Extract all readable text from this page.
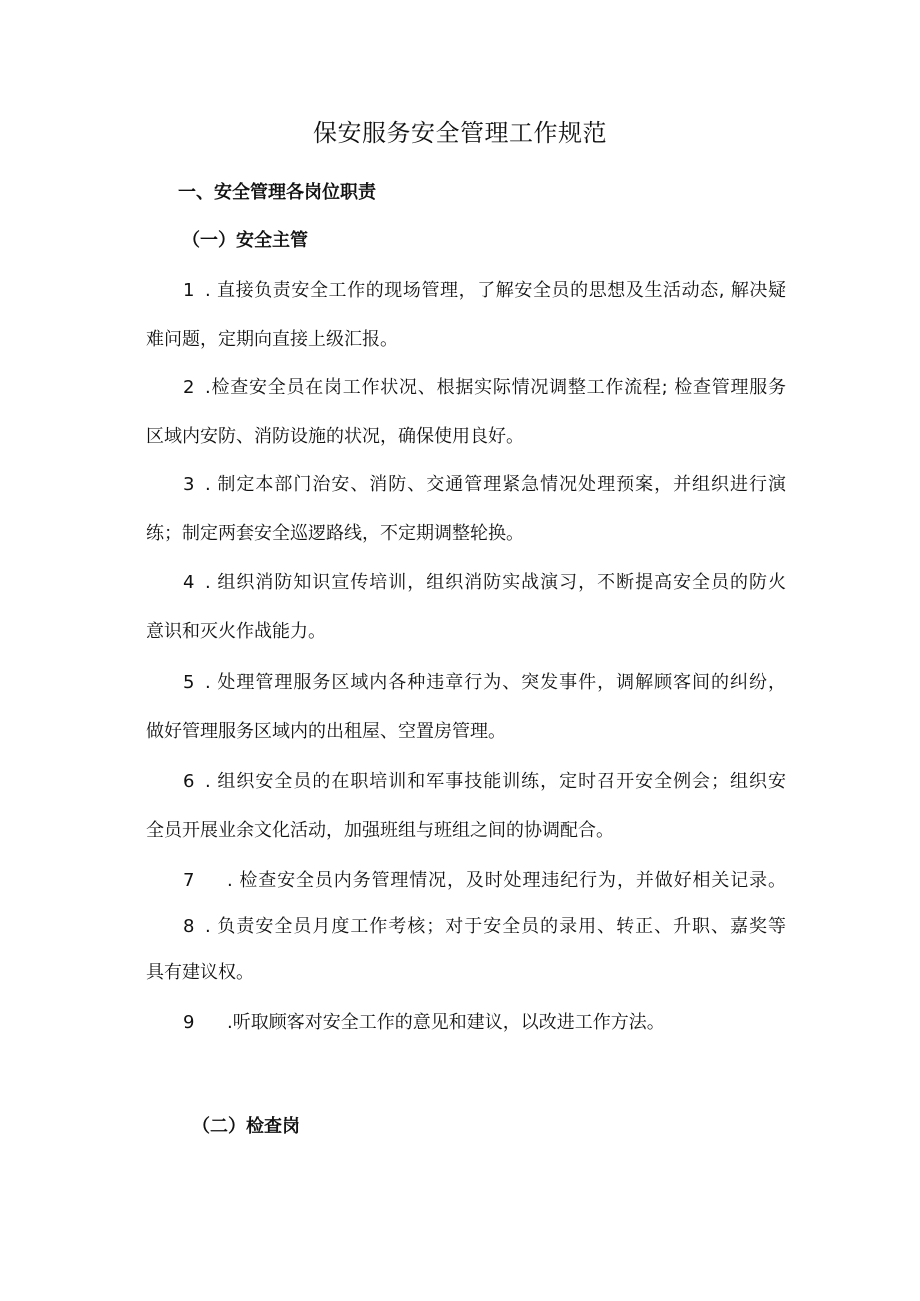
保安服务安全管理工作规范
一、安全管理各岗位职责
（一）安全主管
1 . 直接负责安全工作的现场管理，了解安全员的思想及生活动态, 解决疑
难问题，定期向直接上级汇报。
2 .检查安全员在岗工作状况、根据实际情况调整工作流程; 检查管理服务
区域内安防、消防设施的状况，确保使用良好。
3 . 制定本部门治安、消防、交通管理紧急情况处理预案，并组织进行演
练；制定两套安全巡逻路线，不定期调整轮换。
4 . 组织消防知识宣传培训，组织消防实战演习，不断提高安全员的防火
意识和灭火作战能力。
5 . 处理管理服务区域内各种违章行为、突发事件，调解顾客间的纠纷，
做好管理服务区域内的出租屋、空置房管理。
6 . 组织安全员的在职培训和军事技能训练，定时召开安全例会；组织安
全员开展业余文化活动，加强班组与班组之间的协调配合。
7	. 检查安全员内务管理情况，及时处理违纪行为，并做好相关记录。
8 . 负责安全员月度工作考核；对于安全员的录用、转正、升职、嘉奖等
具有建议权。
9 .听取顾客对安全工作的意见和建议，以改进工作方法。
（二）检查岗
